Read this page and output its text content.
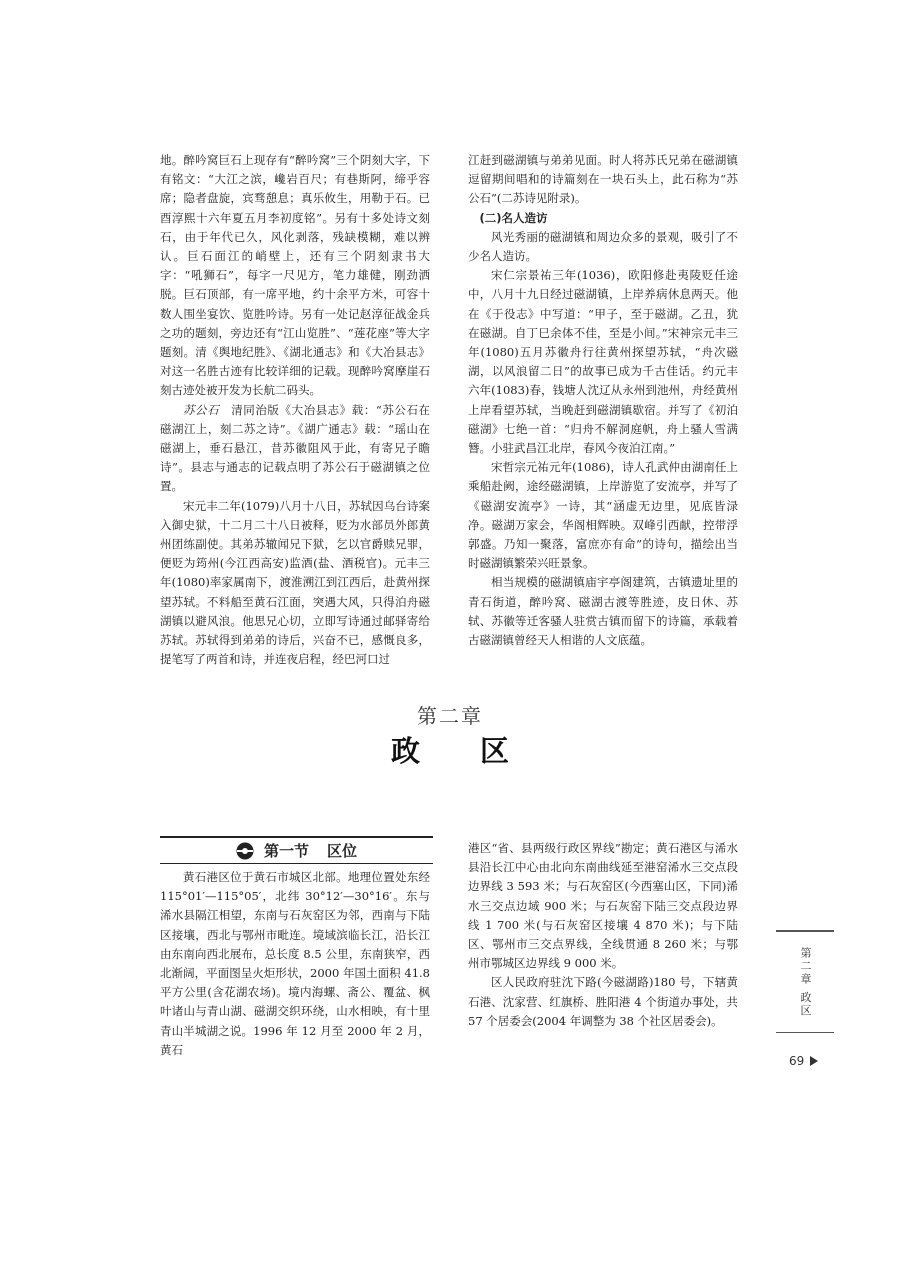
地。醉吟窝巨石上现存有“醉吟窝”三个阴刻大字，下有铭文：“大江之滨，巉岩百尺；有巷斯阿，缔乎容席；隐者盘旋，宾骛憩息；真乐攸生，用勒于石。已酉淳熙十六年夏五月李初度铭”。另有十多处诗文刻石，由于年代已久，风化剥落，残缺模糊，难以辨认。巨石面江的峭壁上，还有三个阴刻隶书大字：“吼狮石”，每字一尺见方，笔力雄健，刚劲洒脱。巨石顶部，有一席平地，约十余平方米，可容十数人围坐宴饮、览胜吟诗。另有一处记赵淳征战金兵之功的题刻，旁边还有“江山览胜”、“莲花座”等大字题刻。清《舆地纪胜》、《湖北通志》和《大冶县志》对这一名胜古迹有比较详细的记载。现醉吟窝摩崖石刻古迹处被开发为长航二码头。

苏公石　 清同治版《大冶县志》载：“苏公石在磁湖江上，刻二苏之诗”。《湖广通志》载：“瑶山在磁湖上，垂石悬江，昔苏徽阻风于此，有寄兄子瞻诗”。县志与通志的记载点明了苏公石于磁湖镇之位置。

宋元丰二年(1079)八月十八日，苏轼因乌台诗案入御史狱，十二月二十八日被释，贬为水部员外郎黄州团练副使。其弟苏辙闻兄下狱，乞以官爵赎兄罪，便贬为筠州(今江西高安)监酒(盐、酒税官)。元丰三年(1080)率家属南下，渡淮溯江到江西后，赴黄州探望苏轼。不料船至黄石江面，突遇大风，只得泊舟磁湖镇以避风浪。他思兄心切，立即写诗通过邮驿寄给苏轼。苏轼得到弟弟的诗后，兴奋不已，感慨良多，提笔写了两首和诗，并连夜启程，经巴河口过

江赶到磁湖镇与弟弟见面。时人将苏氏兄弟在磁湖镇逗留期间唱和的诗篇刻在一块石头上，此石称为“苏公石”(二苏诗见附录)。

(二)名人造访

风光秀丽的磁湖镇和周边众多的景观，吸引了不少名人造访。

宋仁宗景祐三年(1036)，欧阳修赴夷陵贬任途中，八月十九日经过磁湖镇，上岸养病休息两天。他在《于役志》中写道：“甲子，至于磁湖。乙丑，犹在磁湖。自丁巳余体不佳，至是小间。”宋神宗元丰三年(1080)五月苏徽舟行往黄州探望苏轼，“舟次磁湖，以风浪留二日”的故事已成为千古佳话。约元丰六年(1083)春，钱塘人沈辽从永州到池州，舟经黄州上岸看望苏轼，当晚赶到磁湖镇歇宿。并写了《初泊磁湖》七绝一首：“归舟不解洞庭帆，舟上骚人雪满簪。小驻武昌江北岸，春风今夜泊江南。”

宋哲宗元祐元年(1086)，诗人孔武仲由湖南任上乘船赴阙，途经磁湖镇，上岸游览了安流亭，并写了《磁湖安流亭》一诗，其“涵虚无边里，见底皆渌净。磁湖万家会，华阁相辉映。双峰引西献，控带浮郭盛。乃知一聚落，富庶亦有命”的诗句，描绘出当时磁湖镇繁荣兴旺景象。

相当规模的磁湖镇庙宇亭阁建筑，古镇遗址里的青石街道，醉吟窝、磁湖古渡等胜迹，皮日休、苏轼、苏徽等迁客骚人驻赏古镇而留下的诗篇，承载着古磁湖镇曾经天人相谐的人文底蕴。

第二章
政区
第一节 区位

黄石港区位于黄石市城区北部。地理位置处东经 115°01′—115°05′，北纬 30°12′—30°16′。东与浠水县隔江相望，东南与石灰窑区为邻，西南与下陆区接壤，西北与鄂州市毗连。境域滨临长江，沿长江由东南向西北展布，总长度 8.5 公里，东南狭窄，西北渐阔，平面图呈火炬形状，2000 年国土面积 41.8 平方公里(含花湖农场)。境内海螺、斋公、覆盆、枫叶诸山与青山湖、磁湖交织环绕，山水相映，有十里青山半城湖之说。1996 年 12 月至 2000 年 2 月，黄石

港区“省、县两级行政区界线”勘定；黄石港区与浠水县沿长江中心由北向东南曲线延至港窑浠水三交点段边界线 3 593 米；与石灰窑区(今西塞山区，下同)浠水三交点边域 900 米；与石灰窑下陆三交点段边界线 1 700 米(与石灰窑区接壤 4 870 米)；与下陆区、鄂州市三交点界线，全线贯通 8 260 米；与鄂州市鄂城区边界线 9 000 米。

区人民政府驻沈下路(今磁湖路)180 号，下辖黄石港、沈家营、红旗桥、胜阳港 4 个街道办事处，共 57 个居委会(2004 年调整为 38 个社区居委会)。

第二章 政区
69
